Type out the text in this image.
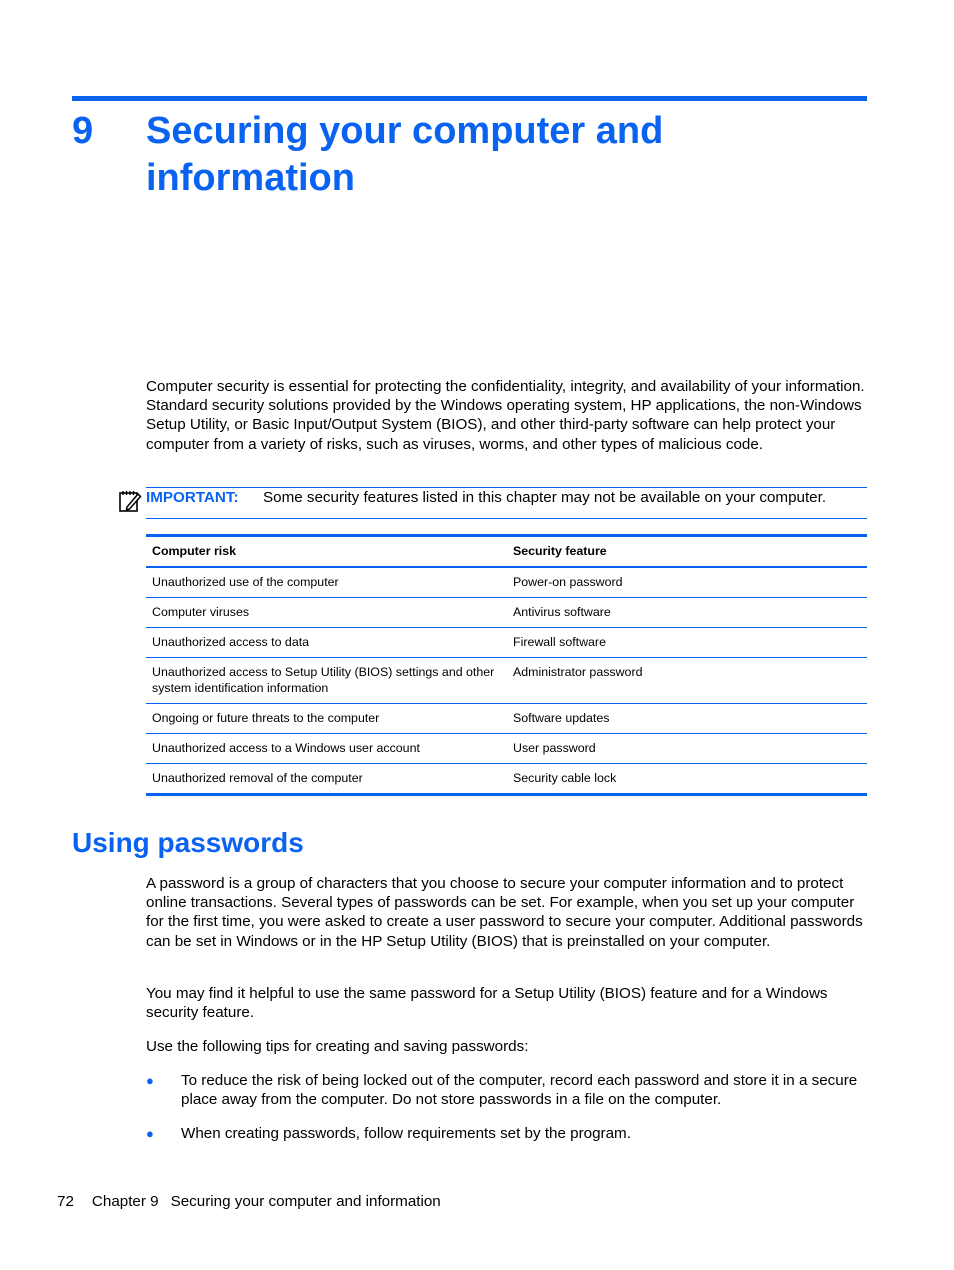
9 Securing your computer and information

Computer security is essential for protecting the confidentiality, integrity, and availability of your information. Standard security solutions provided by the Windows operating system, HP applications, the non-Windows Setup Utility, or Basic Input/Output System (BIOS), and other third-party software can help protect your computer from a variety of risks, such as viruses, worms, and other types of malicious code.

IMPORTANT: Some security features listed in this chapter may not be available on your computer.
Computer risk	Security feature
Unauthorized use of the computer	Power-on password
Computer viruses	Antivirus software
Unauthorized access to data	Firewall software
Unauthorized access to Setup Utility (BIOS) settings and other system identification information	Administrator password
Ongoing or future threats to the computer	Software updates
Unauthorized access to a Windows user account	User password
Unauthorized removal of the computer	Security cable lock
Using passwords

A password is a group of characters that you choose to secure your computer information and to protect online transactions. Several types of passwords can be set. For example, when you set up your computer for the first time, you were asked to create a user password to secure your computer. Additional passwords can be set in Windows or in the HP Setup Utility (BIOS) that is preinstalled on your computer.

You may find it helpful to use the same password for a Setup Utility (BIOS) feature and for a Windows security feature.

Use the following tips for creating and saving passwords:

● To reduce the risk of being locked out of the computer, record each password and store it in a secure place away from the computer. Do not store passwords in a file on the computer.
● When creating passwords, follow requirements set by the program.
72 Chapter 9 Securing your computer and information
